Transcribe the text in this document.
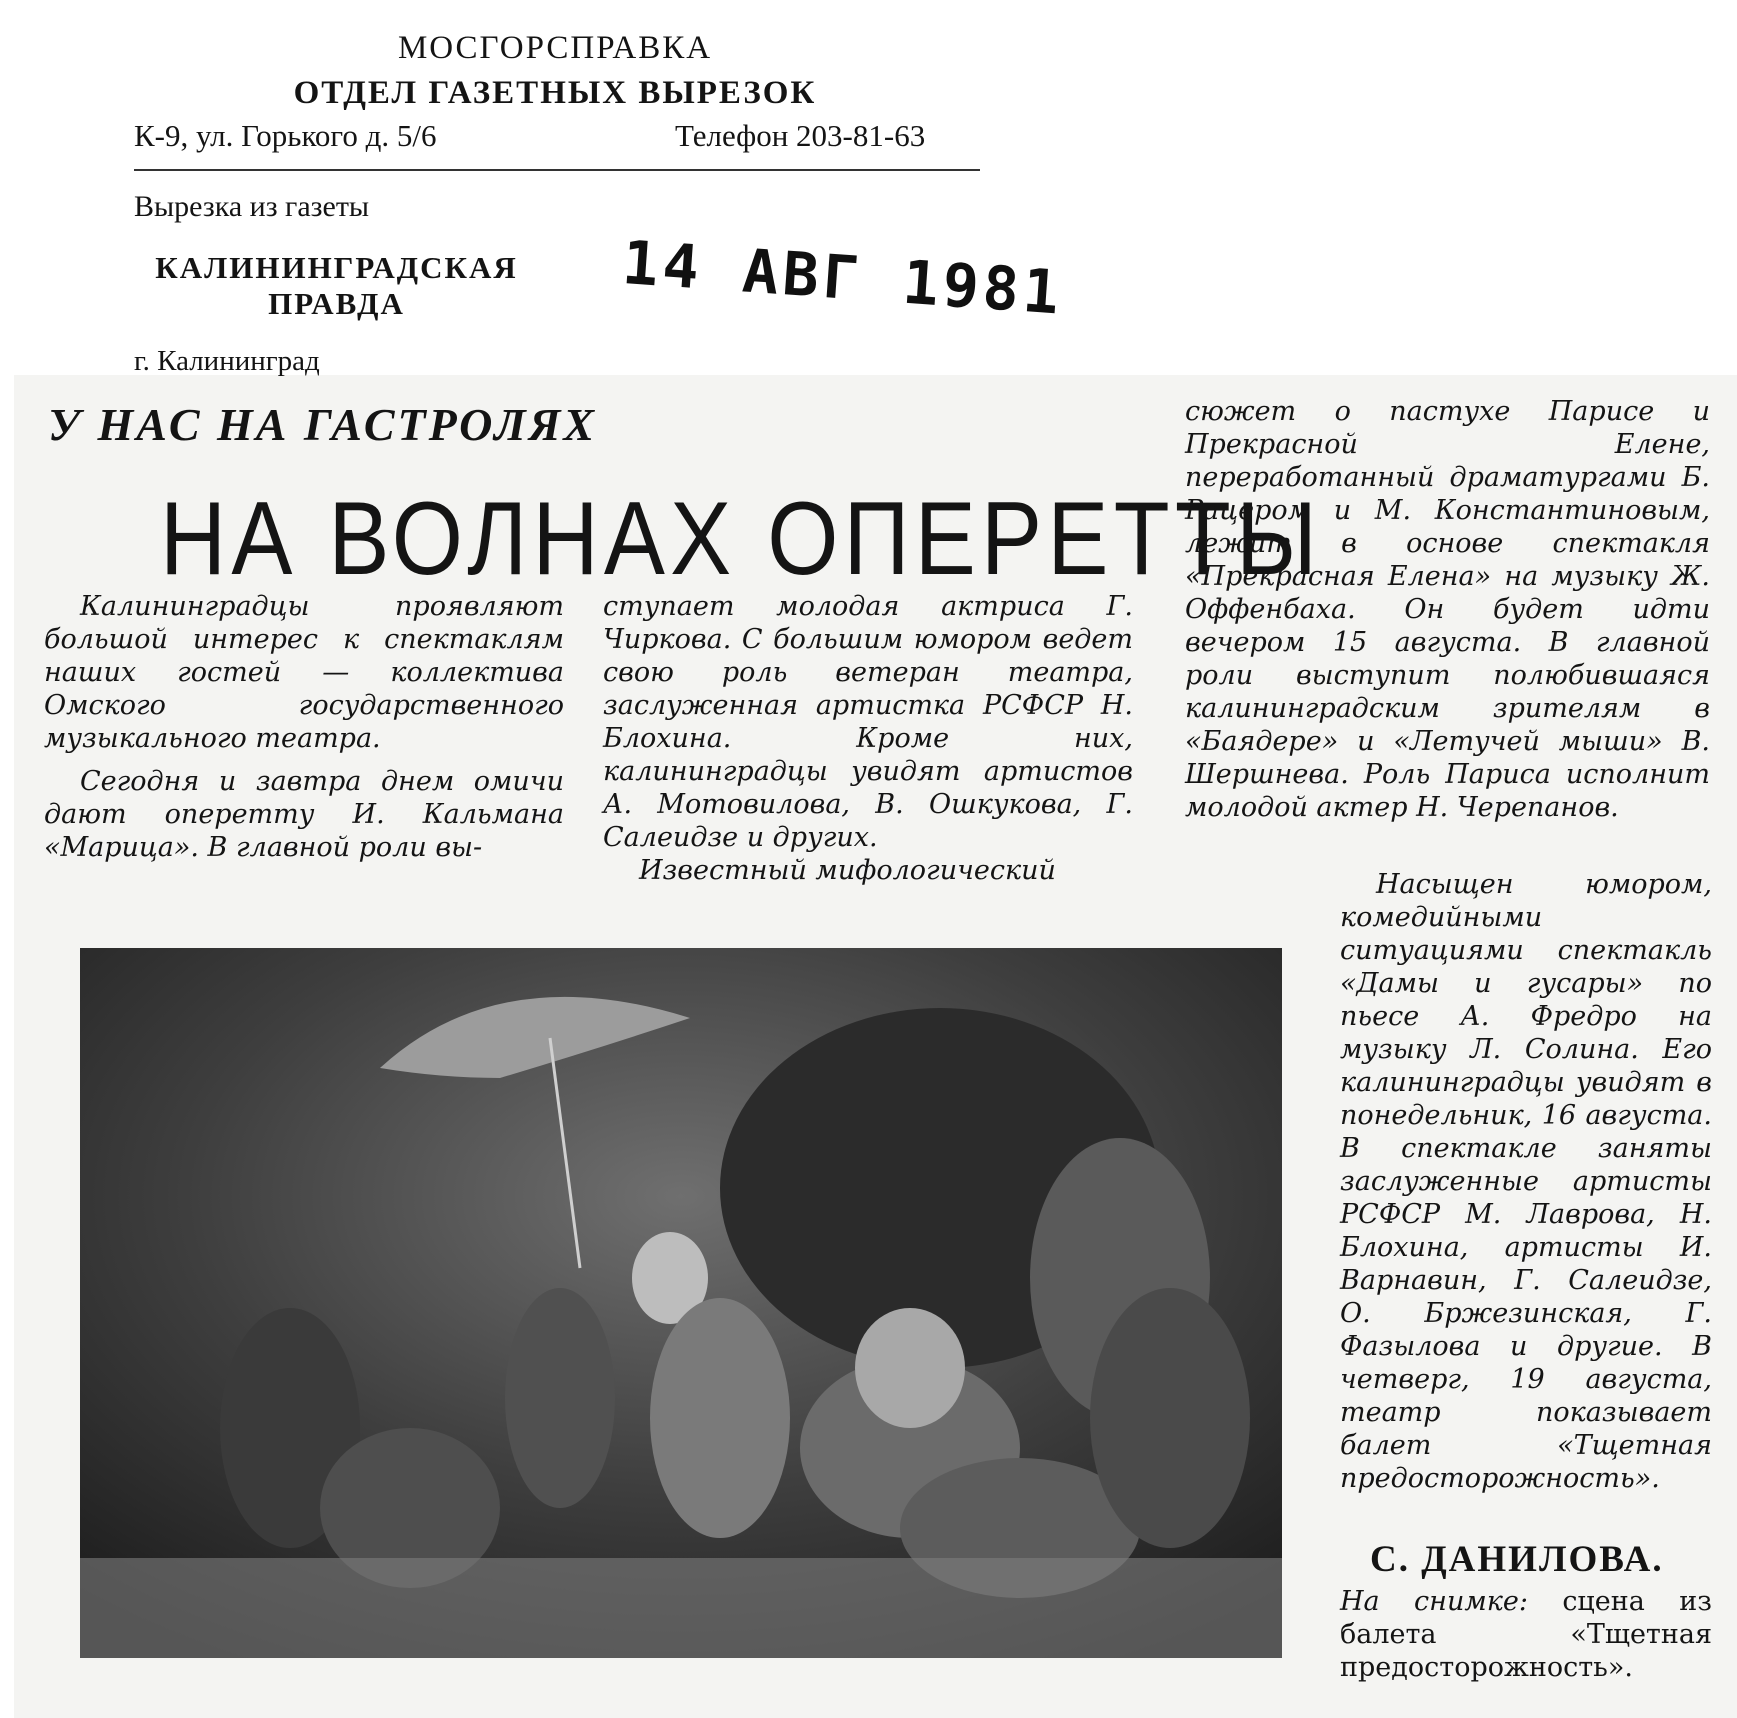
МОСГОРСПРАВКА
ОТДЕЛ ГАЗЕТНЫХ ВЫРЕЗОК
К-9, ул. Горького д. 5/6	Телефон 203-81-63
Вырезка из газеты
КАЛИНИНГРАДСКАЯ
ПРАВДА
г. Калининград
14 АВГ 1981
У НАС НА ГАСТРОЛЯХ
НА ВОЛНАХ ОПЕРЕТТЫ

Калининградцы проявляют большой интерес к спектаклям наших гостей — коллектива Омского государственного музыкального театра.

Сегодня и завтра днем омичи дают оперетту И. Кальмана «Марица». В главной роли вы-

ступает молодая актриса Г. Чиркова. С большим юмором ведет свою роль ветеран театра, заслуженная артистка РСФСР Н. Блохина. Кроме них, калининградцы увидят артистов А. Мотовилова, В. Ошкукова, Г. Салеидзе и других.

Известный мифологический

сюжет о пастухе Парисе и Прекрасной Елене, переработанный драматургами Б. Рацером и М. Константиновым, лежит в основе спектакля «Прекрасная Елена» на музыку Ж. Оффенбаха. Он будет идти вечером 15 августа. В главной роли выступит полюбившаяся калининградским зрителям в «Баядере» и «Летучей мыши» В. Шершнева. Роль Париса исполнит молодой актер Н. Черепанов.

Насыщен юмором, комедийными ситуациями спектакль «Дамы и гусары» по пьесе А. Фредро на музыку Л. Солина. Его калининградцы увидят в понедельник, 16 августа. В спектакле заняты заслуженные артисты РСФСР М. Лаврова, Н. Блохина, артисты И. Варнавин, Г. Салеидзе, О. Бржезинская, Г. Фазылова и другие. В четверг, 19 августа, театр показывает балет «Тщетная предосторожность».

С. ДАНИЛОВА.
На снимке: сцена из балета «Тщетная предосторожность».
